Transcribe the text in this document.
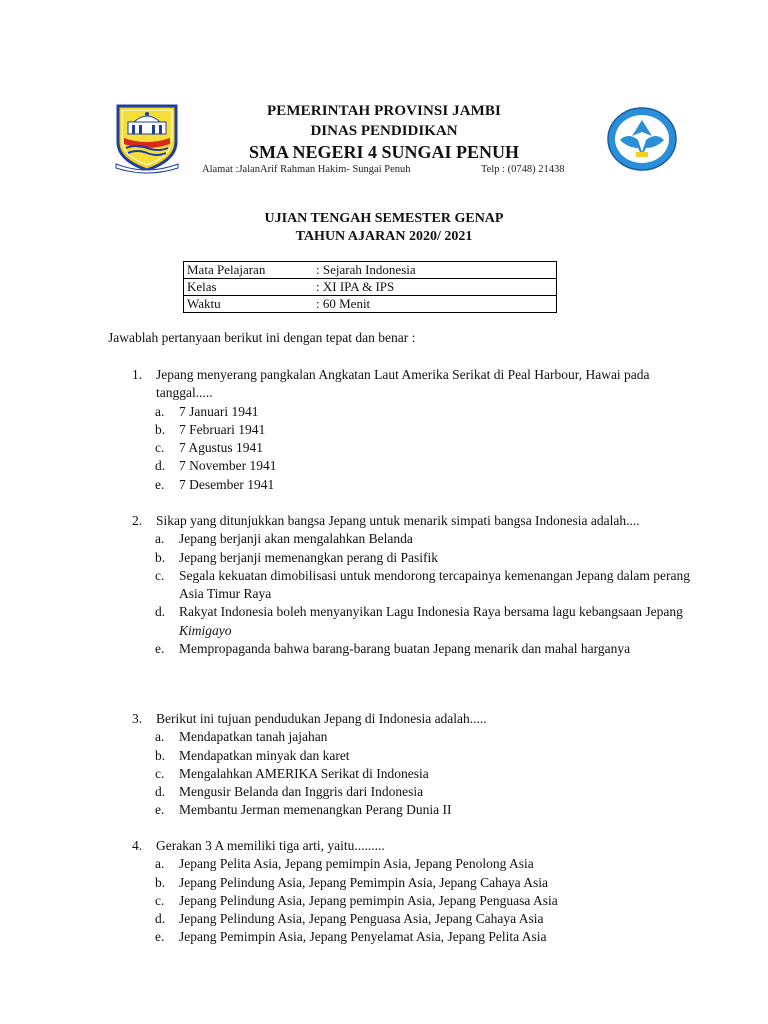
PEMERINTAH PROVINSI JAMBI
DINAS PENDIDIKAN
SMA NEGERI 4 SUNGAI PENUH
Alamat :JalanArif Rahman Hakim- Sungai Penuh	Telp : (0748) 21438
UJIAN TENGAH SEMESTER GENAP
TAHUN AJARAN 2020/ 2021
Mata Pelajaran	: Sejarah Indonesia
Kelas	: XI IPA & IPS
Waktu	: 60 Menit
Jawablah pertanyaan berikut ini dengan tepat dan benar :
1. Jepang menyerang pangkalan Angkatan Laut Amerika Serikat di Peal Harbour, Hawai pada tanggal.....
a. 7 Januari 1941
b. 7 Februari 1941
c. 7 Agustus 1941
d. 7 November 1941
e. 7 Desember 1941
2. Sikap yang ditunjukkan bangsa Jepang untuk menarik simpati bangsa Indonesia adalah....
a. Jepang berjanji akan mengalahkan Belanda
b. Jepang berjanji memenangkan perang di Pasifik
c. Segala kekuatan dimobilisasi untuk mendorong tercapainya kemenangan Jepang dalam perang Asia Timur Raya
d. Rakyat Indonesia boleh menyanyikan Lagu Indonesia Raya bersama lagu kebangsaan Jepang Kimigayo
e. Mempropaganda bahwa barang-barang buatan Jepang menarik dan mahal harganya
3. Berikut ini tujuan pendudukan Jepang di Indonesia adalah.....
a. Mendapatkan tanah jajahan
b. Mendapatkan minyak dan karet
c. Mengalahkan AMERIKA Serikat di Indonesia
d. Mengusir Belanda dan Inggris dari Indonesia
e. Membantu Jerman memenangkan Perang Dunia II
4. Gerakan 3 A memiliki tiga arti, yaitu.........
a. Jepang Pelita Asia, Jepang pemimpin Asia, Jepang Penolong Asia
b. Jepang Pelindung Asia, Jepang Pemimpin Asia, Jepang Cahaya Asia
c. Jepang Pelindung Asia, Jepang pemimpin Asia, Jepang Penguasa Asia
d. Jepang Pelindung Asia, Jepang Penguasa Asia, Jepang Cahaya Asia
e. Jepang Pemimpin Asia, Jepang Penyelamat Asia, Jepang Pelita Asia
